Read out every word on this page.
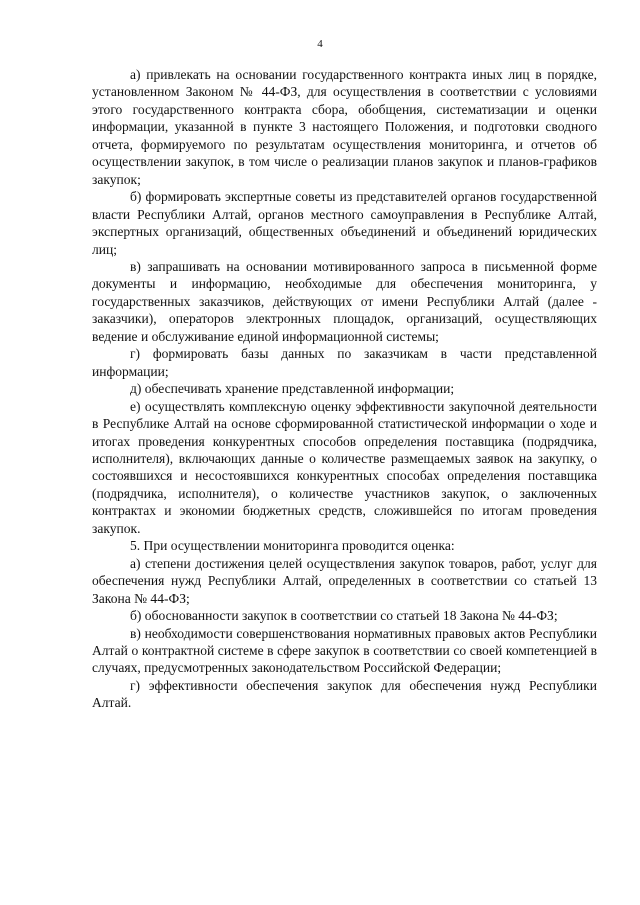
4

а) привлекать на основании государственного контракта иных лиц в порядке, установленном Законом № 44-ФЗ, для осуществления в соответствии с условиями этого государственного контракта сбора, обобщения, систематизации и оценки информации, указанной в пункте 3 настоящего Положения, и подготовки сводного отчета, формируемого по результатам осуществления мониторинга, и отчетов об осуществлении закупок, в том числе о реализации планов закупок и планов-графиков закупок;

б) формировать экспертные советы из представителей органов государственной власти Республики Алтай, органов местного самоуправления в Республике Алтай, экспертных организаций, общественных объединений и объединений юридических лиц;

в) запрашивать на основании мотивированного запроса в письменной форме документы и информацию, необходимые для обеспечения мониторинга, у государственных заказчиков, действующих от имени Республики Алтай (далее - заказчики), операторов электронных площадок, организаций, осуществляющих ведение и обслуживание единой информационной системы;

г) формировать базы данных по заказчикам в части представленной информации;

д) обеспечивать хранение представленной информации;

е) осуществлять комплексную оценку эффективности закупочной деятельности в Республике Алтай на основе сформированной статистической информации о ходе и итогах проведения конкурентных способов определения поставщика (подрядчика, исполнителя), включающих данные о количестве размещаемых заявок на закупку, о состоявшихся и несостоявшихся конкурентных способах определения поставщика (подрядчика, исполнителя), о количестве участников закупок, о заключенных контрактах и экономии бюджетных средств, сложившейся по итогам проведения закупок.

5. При осуществлении мониторинга проводится оценка:

а) степени достижения целей осуществления закупок товаров, работ, услуг для обеспечения нужд Республики Алтай, определенных в соответствии со статьей 13 Закона № 44-ФЗ;

б) обоснованности закупок в соответствии со статьей 18 Закона № 44-ФЗ;

в) необходимости совершенствования нормативных правовых актов Республики Алтай о контрактной системе в сфере закупок в соответствии со своей компетенцией в случаях, предусмотренных законодательством Российской Федерации;

г) эффективности обеспечения закупок для обеспечения нужд Республики Алтай.
